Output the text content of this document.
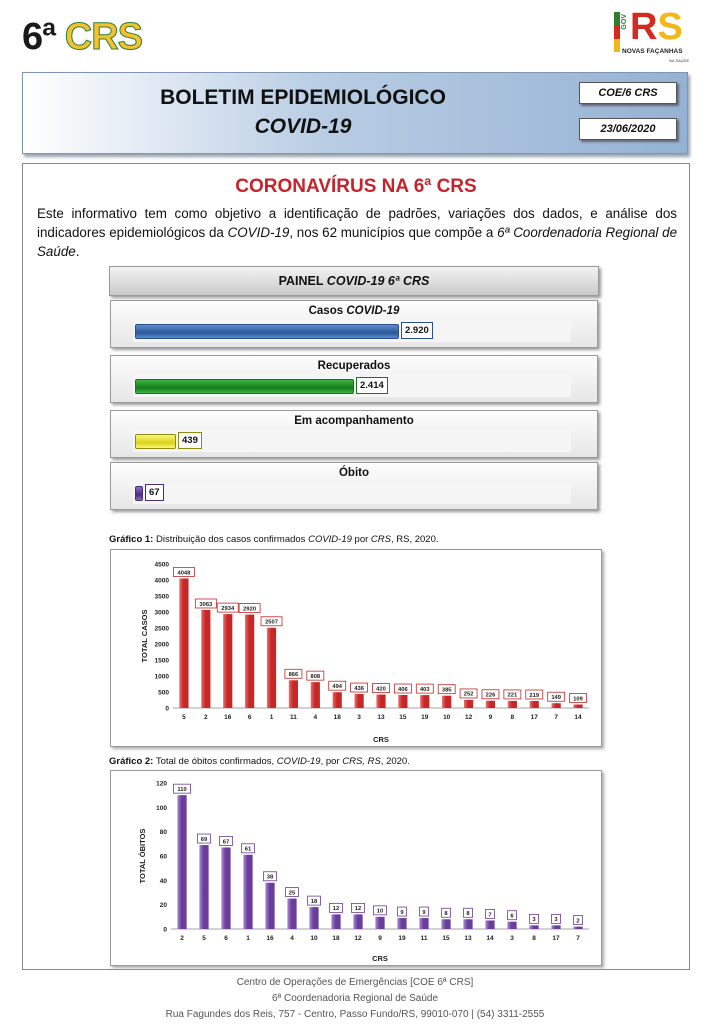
6ª CRS	GOV RS
NOVAS FAÇANHAS
NA SAÚDE
BOLETIM EPIDEMIOLÓGICO
COVID-19
COE/6 CRS
23/06/2020
CORONAVÍRUS NA 6ª CRS
Este informativo tem como objetivo a identificação de padrões, variações dos dados, e análise dos indicadores epidemiológicos da COVID-19, nos 62 municípios que compõe a 6ª Coordenadoria Regional de Saúde.
PAINEL COVID-19 6ª CRS
Casos COVID-19
2.920
Recuperados
2.414
Em acompanhamento
439
Óbito
67
Gráfico 1: Distribuição dos casos confirmados COVID-19 por CRS, RS, 2020.
0
500
1000
1500
2000
2500
3000
3500
4000
4500
TOTAL CASOS
CRS
4048
5
3063
2
2934
16
2920
6
2507
1
866
11
808
4
494
18
436
3
420
13
406
15
403
19
385
10
252
12
226
9
221
8
219
17
149
7
109
14
Gráfico 2: Total de óbitos confirmados, COVID-19, por CRS, RS, 2020.
0
20
40
60
80
100
120
TOTAL ÓBITOS
CRS
110
2
69
5
67
6
61
1
38
16
25
4
18
10
12
18
12
12
10
9
9
19
9
11
8
15
8
13
7
14
6
3
3
8
3
17
2
7
Centro de Operações de Emergências [COE 6ª CRS]
6ª Coordenadoria Regional de Saúde
Rua Fagundes dos Reis, 757 - Centro, Passo Fundo/RS, 99010-070 | (54) 3311-2555
